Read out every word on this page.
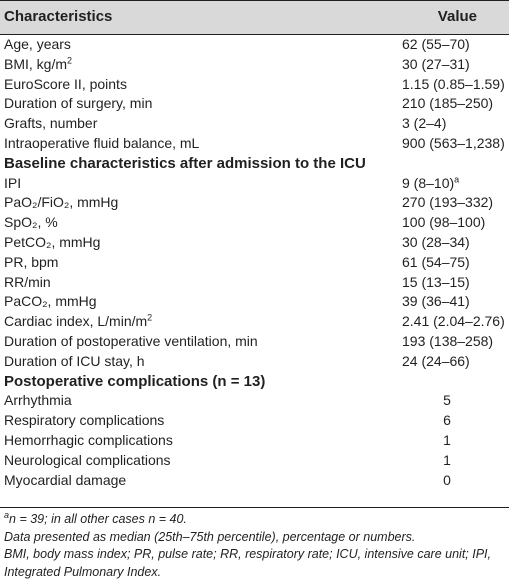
Characteristics	Value
Age, years	62 (55–70)
BMI, $kg/m^2$	30 (27–31)
EuroScore II, points	1.15 (0.85–1.59)
Duration of surgery, min	210 (185–250)
Grafts, number	3 (2–4)
Intraoperative fluid balance, mL	900 (563–1,238)
Baseline characteristics after admission to the ICU
IPI	9 $(8-10)^a$
PaO₂/FiO₂, mmHg	270 (193–332)
SpO₂, %	100 (98–100)
PetCO₂, mmHg	30 (28–34)
PR, bpm	61 (54–75)
RR/min	15 (13–15)
PaCO₂, mmHg	39 (36–41)
Cardiac index, $L/\min/m^2$	2.41 (2.04–2.76)
Duration of postoperative ventilation, min	193 (138–258)
Duration of ICU stay, h	24 (24–66)
Postoperative complications (n = 13)
Arrhythmia	5
Respiratory complications	6
Hemorrhagic complications	1
Neurological complications	1
Myocardial damage	0
$^a$n = 39; in all other cases n = 40.
Data presented as median (25th–75th percentile), percentage or numbers.
BMI, body mass index; PR, pulse rate; RR, respiratory rate; ICU, intensive care unit; IPI, Integrated Pulmonary Index.
